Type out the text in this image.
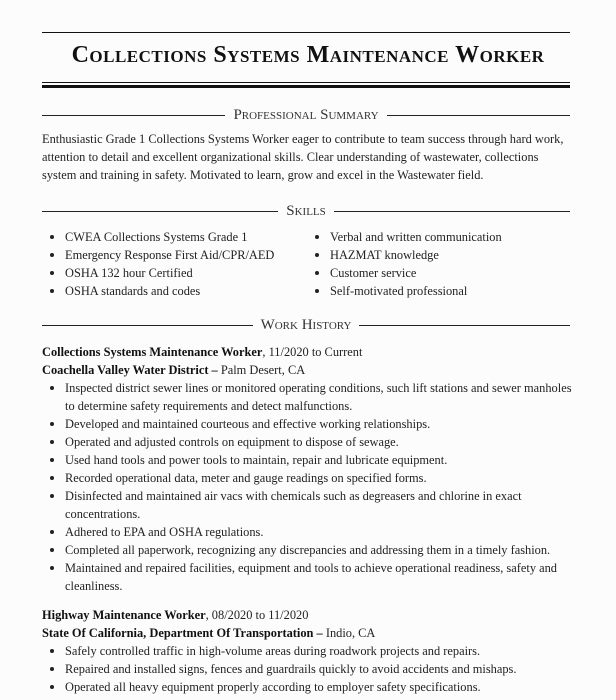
Collections Systems Maintenance Worker
Professional Summary
Enthusiastic Grade 1 Collections Systems Worker eager to contribute to team success through hard work, attention to detail and excellent organizational skills. Clear understanding of wastewater, collections system and training in safety. Motivated to learn, grow and excel in the Wastewater field.
Skills
CWEA Collections Systems Grade 1
Emergency Response First Aid/CPR/AED
OSHA 132 hour Certified
OSHA standards and codes
Verbal and written communication
HAZMAT knowledge
Customer service
Self-motivated professional
Work History
Collections Systems Maintenance Worker, 11/2020 to Current
Coachella Valley Water District – Palm Desert, CA
Inspected district sewer lines or monitored operating conditions, such lift stations and sewer manholes to determine safety requirements and detect malfunctions.
Developed and maintained courteous and effective working relationships.
Operated and adjusted controls on equipment to dispose of sewage.
Used hand tools and power tools to maintain, repair and lubricate equipment.
Recorded operational data, meter and gauge readings on specified forms.
Disinfected and maintained air vacs with chemicals such as degreasers and chlorine in exact concentrations.
Adhered to EPA and OSHA regulations.
Completed all paperwork, recognizing any discrepancies and addressing them in a timely fashion.
Maintained and repaired facilities, equipment and tools to achieve operational readiness, safety and cleanliness.
Highway Maintenance Worker, 08/2020 to 11/2020
State Of California, Department Of Transportation – Indio, CA
Safely controlled traffic in high-volume areas during roadwork projects and repairs.
Repaired and installed signs, fences and guardrails quickly to avoid accidents and mishaps.
Operated all heavy equipment properly according to employer safety specifications.
